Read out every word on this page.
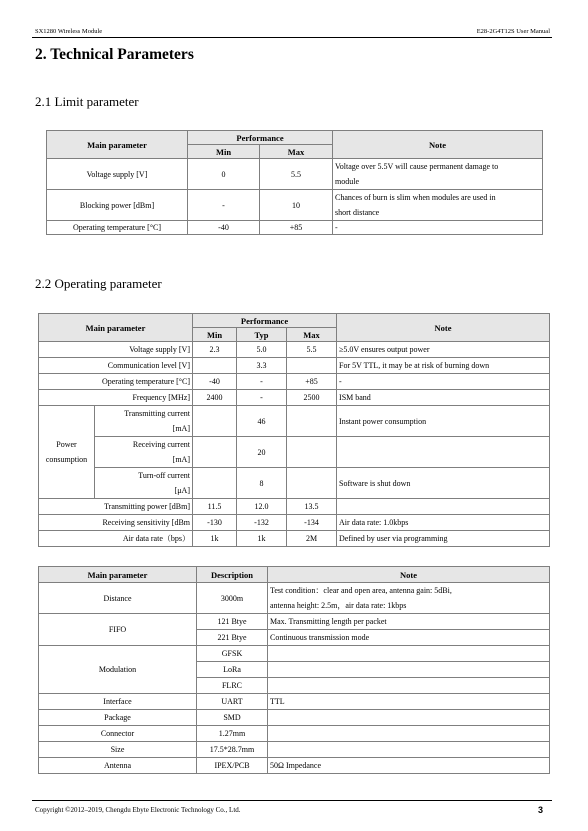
SX1280 Wireless Module	E28-2G4T12S User Manual
2. Technical Parameters
2.1 Limit parameter
Main parameter	Performance		Note
	Min	Max	
Voltage supply [V]	0	5.5	Voltage over 5.5V will cause permanent damage to
module
Blocking power [dBm]	-	10	Chances of burn is slim when modules are used in
short distance
Operating temperature [°C]	-40	+85	-
2.2 Operating parameter
Main parameter		Performance			Note
		Min	Typ	Max	
Voltage supply [V]		2.3	5.0	5.5	≥5.0V ensures output power
Communication level [V]			3.3		For 5V TTL, it may be at risk of burning down
Operating temperature [°C]		-40	-	+85	-
Frequency [MHz]		2400	-	2500	ISM band
Power
consumption	Transmitting current
[mA]		46		Instant power consumption
	Receiving current
[mA]		20		
	Turn-off current
[μA]		8		Software is shut down
Transmitting power [dBm]		11.5	12.0	13.5	
Receiving sensitivity [dBm		-130	-132	-134	Air data rate: 1.0kbps
Air data rate（bps）		1k	1k	2M	Defined by user via programming
Main parameter	Description	Note
Distance	3000m	Test condition：clear and open area, antenna gain: 5dBi,
antenna height: 2.5m，air data rate: 1kbps
FIFO	121 Btye	Max. Transmitting length per packet
	221 Btye	Continuous transmission mode
Modulation	GFSK	
	LoRa	
	FLRC	
Interface	UART	TTL
Package	SMD	
Connector	1.27mm	
Size	17.5*28.7mm	
Antenna	IPEX/PCB	50Ω Impedance
Copyright ©2012–2019, Chengdu Ebyte Electronic Technology Co., Ltd.	3
